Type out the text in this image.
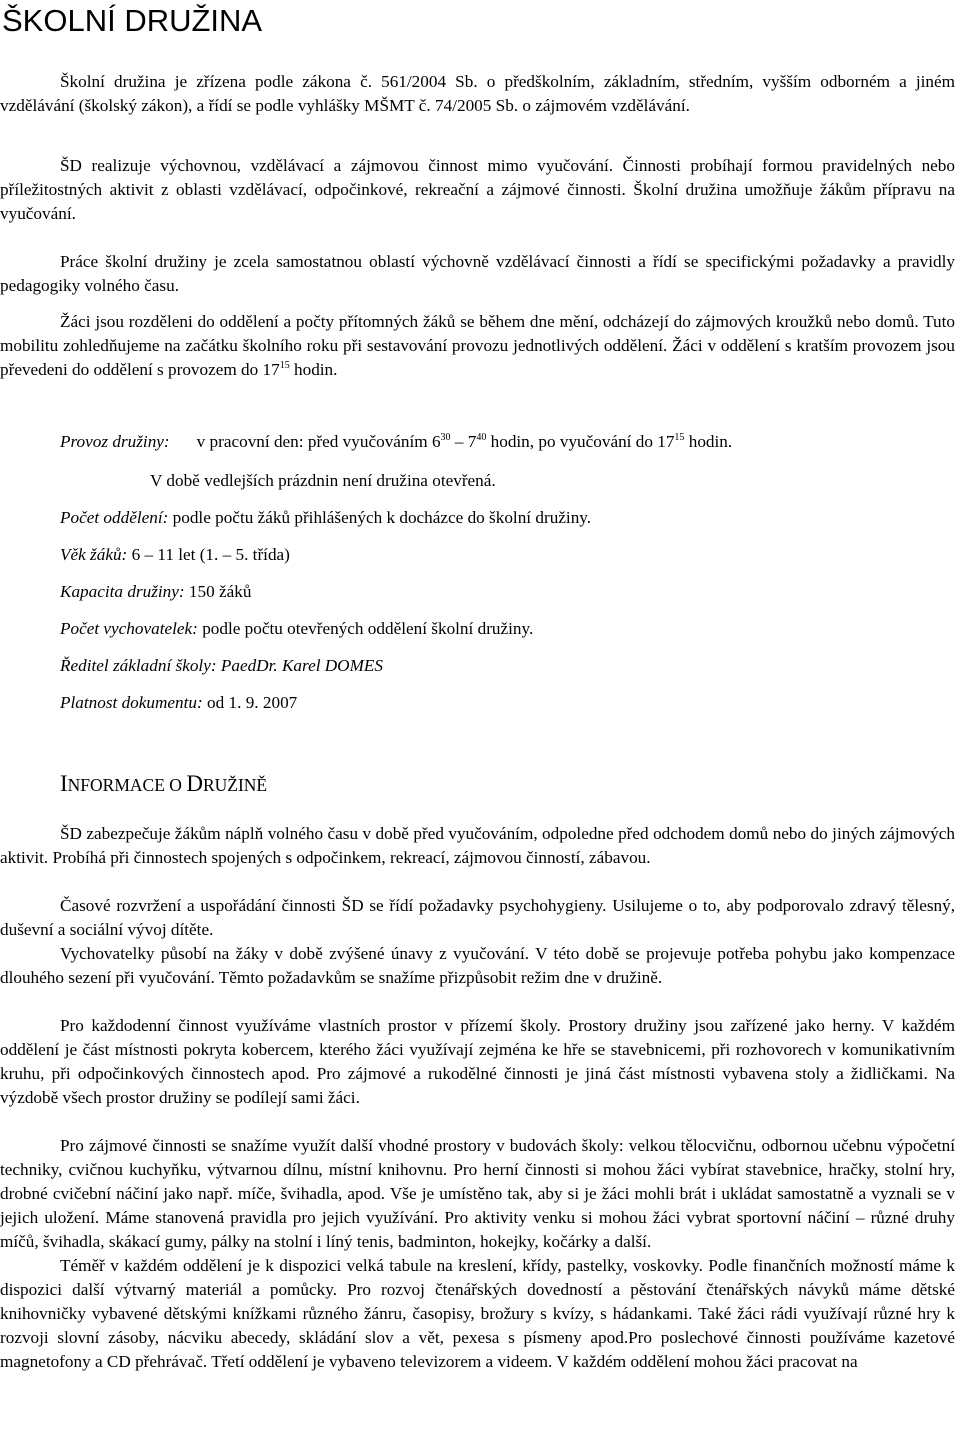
ŠKOLNÍ DRUŽINA

Školní družina je zřízena podle zákona č. 561/2004 Sb. o předškolním, základním, středním, vyšším odborném a jiném vzdělávání (školský zákon), a řídí se podle vyhlášky MŠMT č. 74/2005 Sb. o zájmovém vzdělávání.

ŠD realizuje výchovnou, vzdělávací a zájmovou činnost mimo vyučování. Činnosti probíhají formou pravidelných nebo příležitostných aktivit z oblasti vzdělávací, odpočinkové, rekreační a zájmové činnosti. Školní družina umožňuje žákům přípravu na vyučování.

Práce školní družiny je zcela samostatnou oblastí výchovně vzdělávací činnosti a řídí se specifickými požadavky a pravidly pedagogiky volného času.

Žáci jsou rozděleni do oddělení a počty přítomných žáků se během dne mění, odcházejí do zájmových kroužků nebo domů. Tuto mobilitu zohledňujeme na začátku školního roku při sestavování provozu jednotlivých oddělení. Žáci v oddělení s kratším provozem jsou převedeni do oddělení s provozem do $17^{15}$ hodin.

Provoz družiny: v pracovní den: před vyučováním $6^{30} - 7^{40}$ hodin, po vyučování do $17^{15}$ hodin.

V době vedlejších prázdnin není družina otevřená.

Počet oddělení: podle počtu žáků přihlášených k docházce do školní družiny.

Věk žáků: 6 – 11 let (1. – 5. třída)

Kapacita družiny: 150 žáků

Počet vychovatelek: podle počtu otevřených oddělení školní družiny.

Ředitel základní školy: PaedDr. Karel DOMES

Platnost dokumentu: od 1. 9. 2007

INFORMACE O DRUŽINĚ

ŠD zabezpečuje žákům náplň volného času v době před vyučováním, odpoledne před odchodem domů nebo do jiných zájmových aktivit. Probíhá při činnostech spojených s odpočinkem, rekreací, zájmovou činností, zábavou.

Časové rozvržení a uspořádání činnosti ŠD se řídí požadavky psychohygieny. Usilujeme o to, aby podporovalo zdravý tělesný, duševní a sociální vývoj dítěte.

Vychovatelky působí na žáky v době zvýšené únavy z vyučování. V této době se projevuje potřeba pohybu jako kompenzace dlouhého sezení při vyučování. Těmto požadavkům se snažíme přizpůsobit režim dne v družině.

Pro každodenní činnost využíváme vlastních prostor v přízemí školy. Prostory družiny jsou zařízené jako herny. V každém oddělení je část místnosti pokryta kobercem, kterého žáci využívají zejména ke hře se stavebnicemi, při rozhovorech v komunikativním kruhu, při odpočinkových činnostech apod. Pro zájmové a rukodělné činnosti je jiná část místnosti vybavena stoly a židličkami. Na výzdobě všech prostor družiny se podílejí sami žáci.

Pro zájmové činnosti se snažíme využít další vhodné prostory v budovách školy: velkou tělocvičnu, odbornou učebnu výpočetní techniky, cvičnou kuchyňku, výtvarnou dílnu, místní knihovnu. Pro herní činnosti si mohou žáci vybírat stavebnice, hračky, stolní hry, drobné cvičební náčiní jako např. míče, švihadla, apod. Vše je umístěno tak, aby si je žáci mohli brát i ukládat samostatně a vyznali se v jejich uložení. Máme stanovená pravidla pro jejich využívání. Pro aktivity venku si mohou žáci vybrat sportovní náčiní – různé druhy míčů, švihadla, skákací gumy, pálky na stolní i líný tenis, badminton, hokejky, kočárky a další.

Téměř v každém oddělení je k dispozici velká tabule na kreslení, křídy, pastelky, voskovky. Podle finančních možností máme k dispozici další výtvarný materiál a pomůcky. Pro rozvoj čtenářských dovedností a pěstování čtenářských návyků máme dětské knihovničky vybavené dětskými knížkami různého žánru, časopisy, brožury s kvízy, s hádankami. Také žáci rádi využívají různé hry k rozvoji slovní zásoby, nácviku abecedy, skládání slov a vět, pexesa s písmeny apod.Pro poslechové činnosti používáme kazetové magnetofony a CD přehrávač. Třetí oddělení je vybaveno televizorem a videem. V každém oddělení mohou žáci pracovat na
